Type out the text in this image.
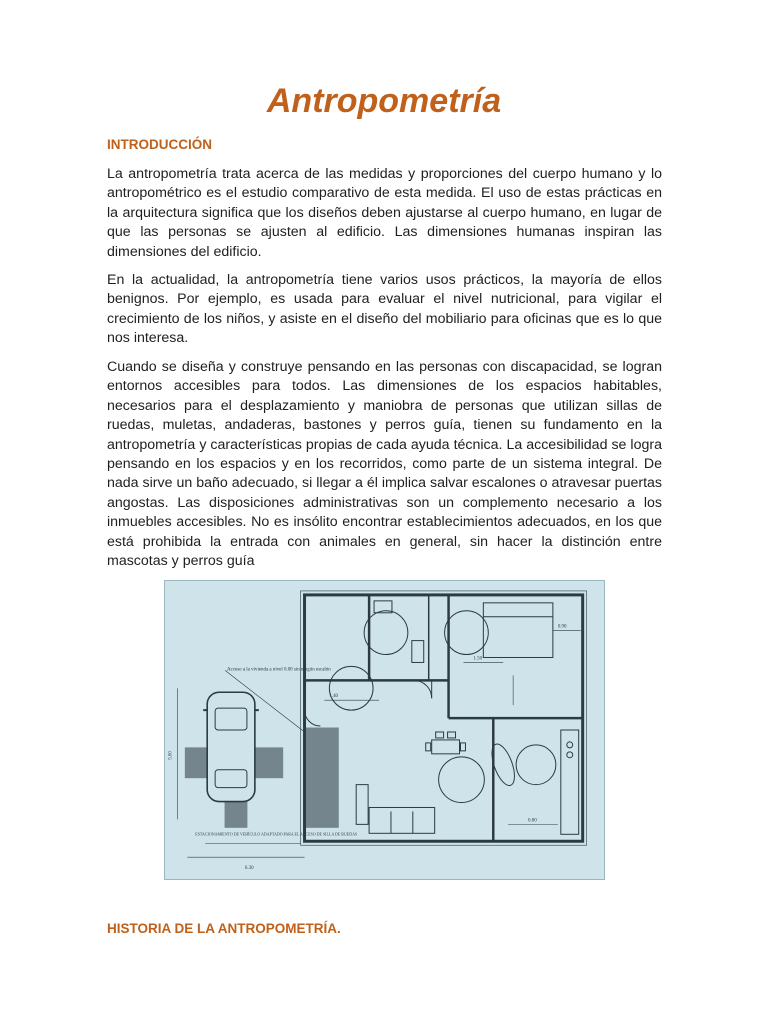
Antropometría
INTRODUCCIÓN

La antropometría trata acerca de las medidas y proporciones del cuerpo humano y lo antropométrico es el estudio comparativo de esta medida. El uso de estas prácticas en la arquitectura significa que los diseños deben ajustarse al cuerpo humano, en lugar de que las personas se ajusten al edificio. Las dimensiones humanas inspiran las dimensiones del edificio.

En la actualidad, la antropometría tiene varios usos prácticos, la mayoría de ellos benignos. Por ejemplo, es usada para evaluar el nivel nutricional, para vigilar el crecimiento de los niños, y asiste en el diseño del mobiliario para oficinas que es lo que nos interesa.

Cuando se diseña y construye pensando en las personas con discapacidad, se logran entornos accesibles para todos. Las dimensiones de los espacios habitables, necesarios para el desplazamiento y maniobra de personas que utilizan sillas de ruedas, muletas, andaderas, bastones y perros guía, tienen su fundamento en la antropometría y características propias de cada ayuda técnica. La accesibilidad se logra pensando en los espacios y en los recorridos, como parte de un sistema integral. De nada sirve un baño adecuado, si llegar a él implica salvar escalones o atravesar puertas angostas. Las disposiciones administrativas son un complemento necesario a los inmuebles accesibles. No es insólito encontrar establecimientos adecuados, en los que está prohibida la entrada con animales en general, sin hacer la distinción entre mascotas y perros guía

Acceso a la vivienda a nivel 0.00 sin ningún escalón
ESTACIONAMIENTO DE VEHÍCULO ADAPTADO PARA EL ACCESO DE SILLA DE RUEDAS
6.30
1.40
0.90
1.50
0.80
5.00
HISTORIA DE LA ANTROPOMETRÍA.
